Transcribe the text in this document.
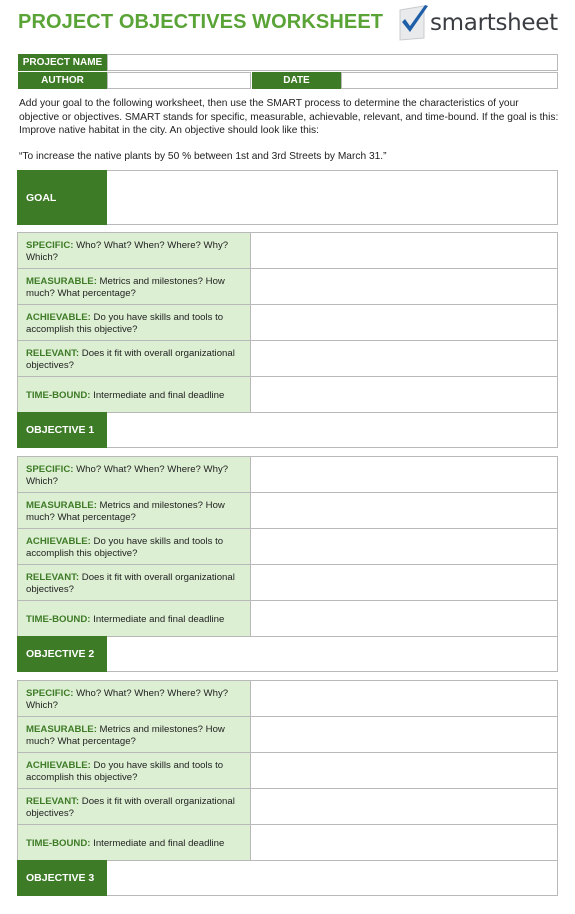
PROJECT OBJECTIVES WORKSHEET smartsheet
PROJECT NAME
AUTHOR	DATE
Add your goal to the following worksheet, then use the SMART process to determine the characteristics of your objective or objectives. SMART stands for specific, measurable, achievable, relevant, and time-bound. If the goal is this: Improve native habitat in the city. An objective should look like this:
“To increase the native plants by 50 % between 1st and 3rd Streets by March 31.”
GOAL
SPECIFIC: Who? What? When? Where? Why? Which?
MEASURABLE: Metrics and milestones? How much? What percentage?
ACHIEVABLE: Do you have skills and tools to accomplish this objective?
RELEVANT: Does it fit with overall organizational objectives?
TIME-BOUND: Intermediate and final deadline
OBJECTIVE 1
SPECIFIC: Who? What? When? Where? Why? Which?
MEASURABLE: Metrics and milestones? How much? What percentage?
ACHIEVABLE: Do you have skills and tools to accomplish this objective?
RELEVANT: Does it fit with overall organizational objectives?
TIME-BOUND: Intermediate and final deadline
OBJECTIVE 2
SPECIFIC: Who? What? When? Where? Why? Which?
MEASURABLE: Metrics and milestones? How much? What percentage?
ACHIEVABLE: Do you have skills and tools to accomplish this objective?
RELEVANT: Does it fit with overall organizational objectives?
TIME-BOUND: Intermediate and final deadline
OBJECTIVE 3
